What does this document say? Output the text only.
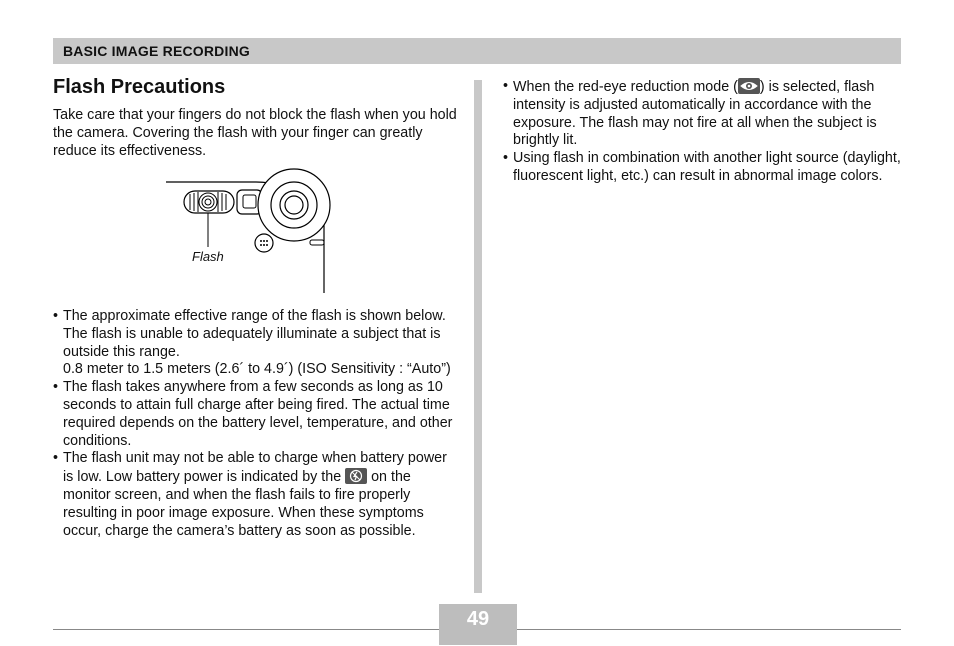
BASIC IMAGE RECORDING
Flash Precautions

Take care that your fingers do not block the flash when you hold the camera. Covering the flash with your finger can greatly reduce its effectiveness.

Flash
• The approximate effective range of the flash is shown below. The flash is unable to adequately illuminate a subject that is outside this range.
0.8 meter to 1.5 meters (2.6´ to 4.9´) (ISO Sensitivity : “Auto”)
• The flash takes anywhere from a few seconds as long as 10 seconds to attain full charge after being fired. The actual time required depends on the battery level, temperature, and other conditions.
• The flash unit may not be able to charge when battery power is low. Low battery power is indicated by the on the monitor screen, and when the flash fails to fire properly resulting in poor image exposure. When these symptoms occur, charge the camera’s battery as soon as possible.
• When the red-eye reduction mode ( ) is selected, flash intensity is adjusted automatically in accordance with the exposure. The flash may not fire at all when the subject is brightly lit.
• Using flash in combination with another light source (daylight, fluorescent light, etc.) can result in abnormal image colors.
49
